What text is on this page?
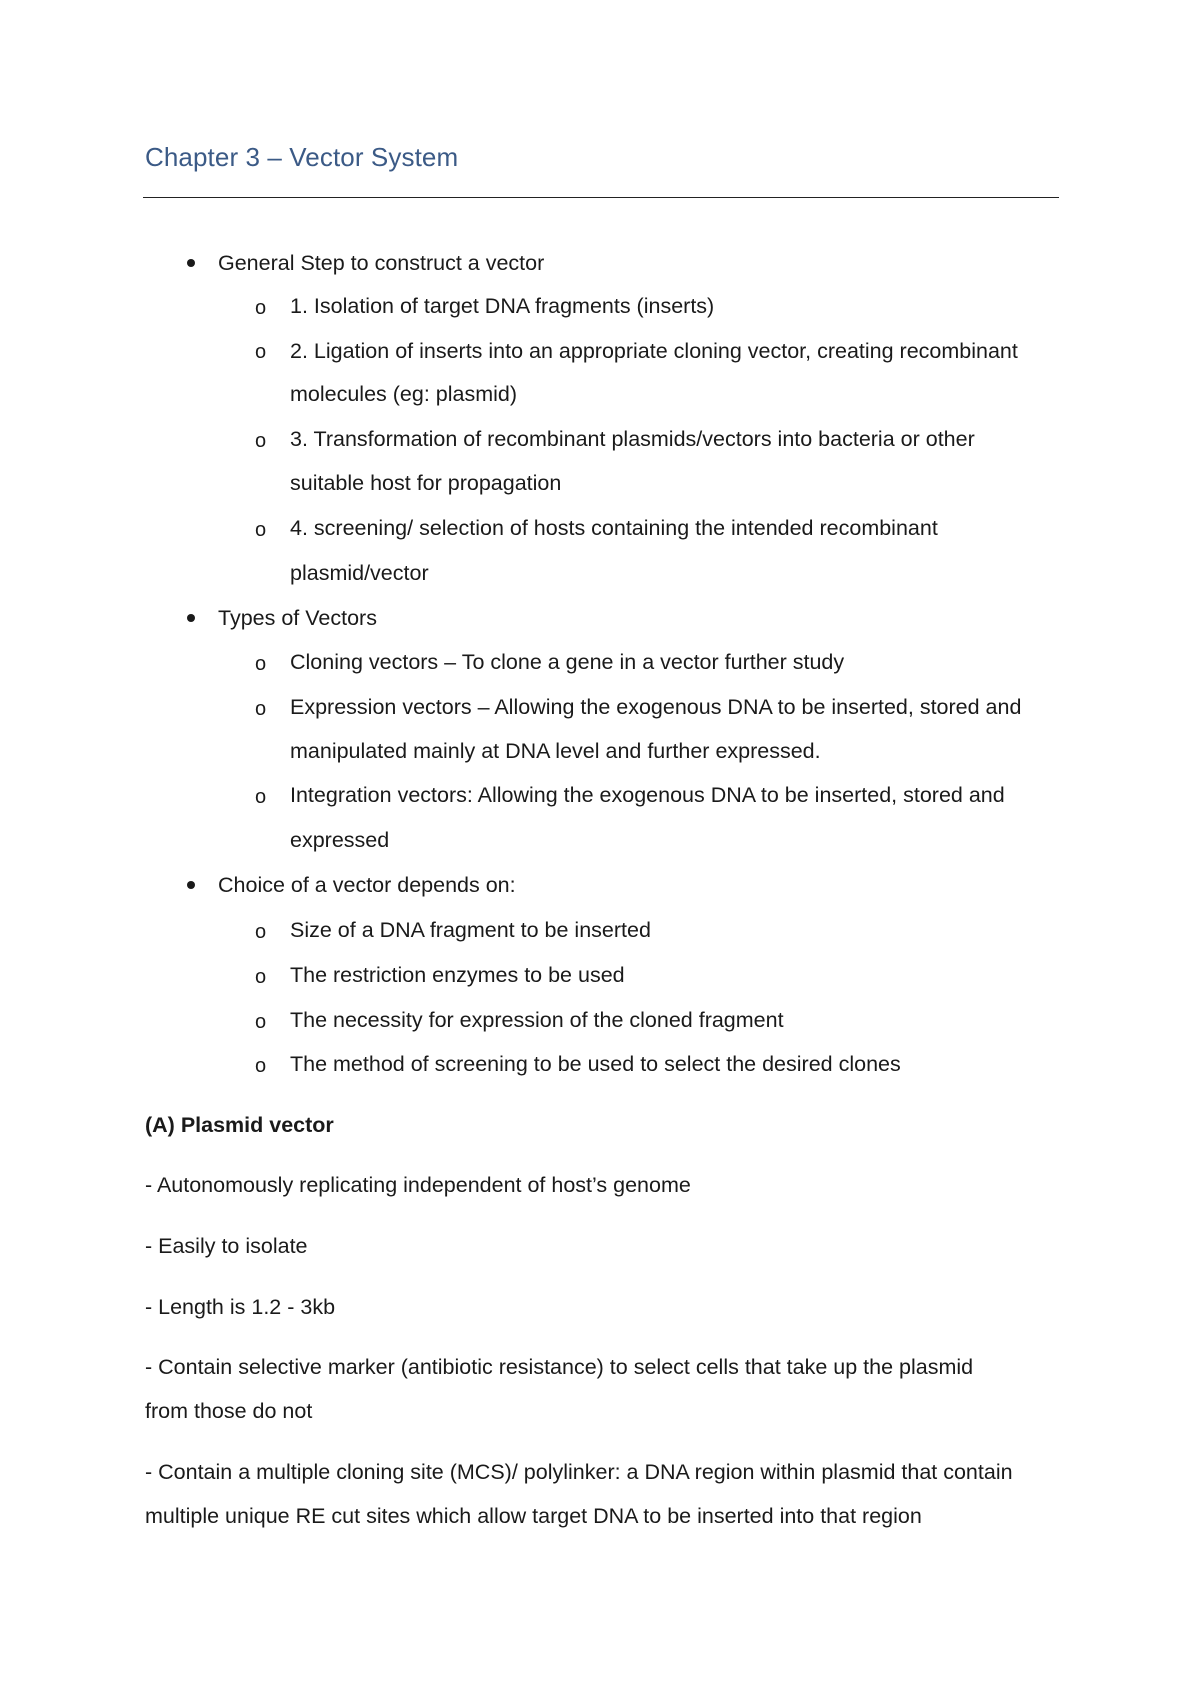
Chapter 3 – Vector System
General Step to construct a vector
o 1. Isolation of target DNA fragments (inserts)
o 2. Ligation of inserts into an appropriate cloning vector, creating recombinant
molecules (eg: plasmid)
o 3. Transformation of recombinant plasmids/vectors into bacteria or other
suitable host for propagation
o 4. screening/ selection of hosts containing the intended recombinant
plasmid/vector
Types of Vectors
o Cloning vectors – To clone a gene in a vector further study
o Expression vectors – Allowing the exogenous DNA to be inserted, stored and
manipulated mainly at DNA level and further expressed.
o Integration vectors: Allowing the exogenous DNA to be inserted, stored and
expressed
Choice of a vector depends on:
o Size of a DNA fragment to be inserted
o The restriction enzymes to be used
o The necessity for expression of the cloned fragment
o The method of screening to be used to select the desired clones
(A) Plasmid vector
- Autonomously replicating independent of host’s genome
- Easily to isolate
- Length is 1.2 - 3kb
- Contain selective marker (antibiotic resistance) to select cells that take up the plasmid
from those do not
- Contain a multiple cloning site (MCS)/ polylinker: a DNA region within plasmid that contain
multiple unique RE cut sites which allow target DNA to be inserted into that region
